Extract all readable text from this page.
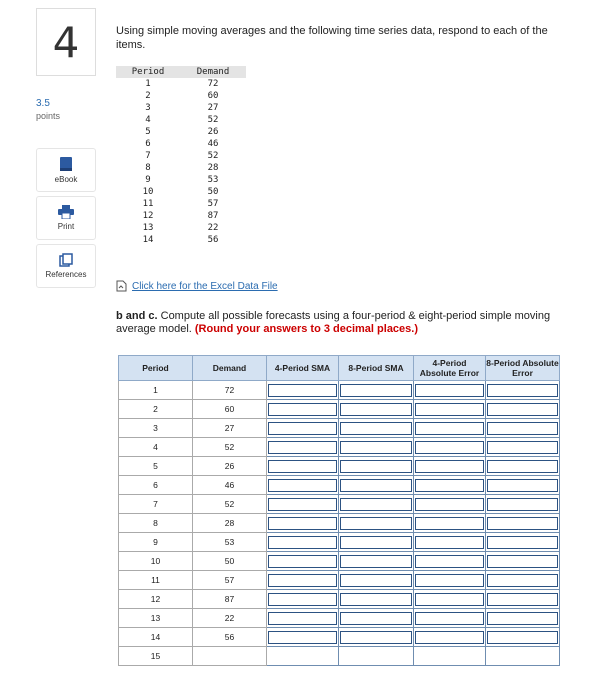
4
3.5
points
eBook
Print
References
Using simple moving averages and the following time series data, respond to each of the items.
Period	Demand
1	72
2	60
3	27
4	52
5	26
6	46
7	52
8	28
9	53
10	50
11	57
12	87
13	22
14	56
Click here for the Excel Data File
b and c. Compute all possible forecasts using a four-period & eight-period simple moving average model. (Round your answers to 3 decimal places.)
Period	Demand	4-Period SMA	8-Period SMA	4-Period Absolute Error	8-Period Absolute Error
1	72				
2	60				
3	27				
4	52				
5	26				
6	46				
7	52				
8	28				
9	53				
10	50				
11	57				
12	87				
13	22				
14	56				
15					
